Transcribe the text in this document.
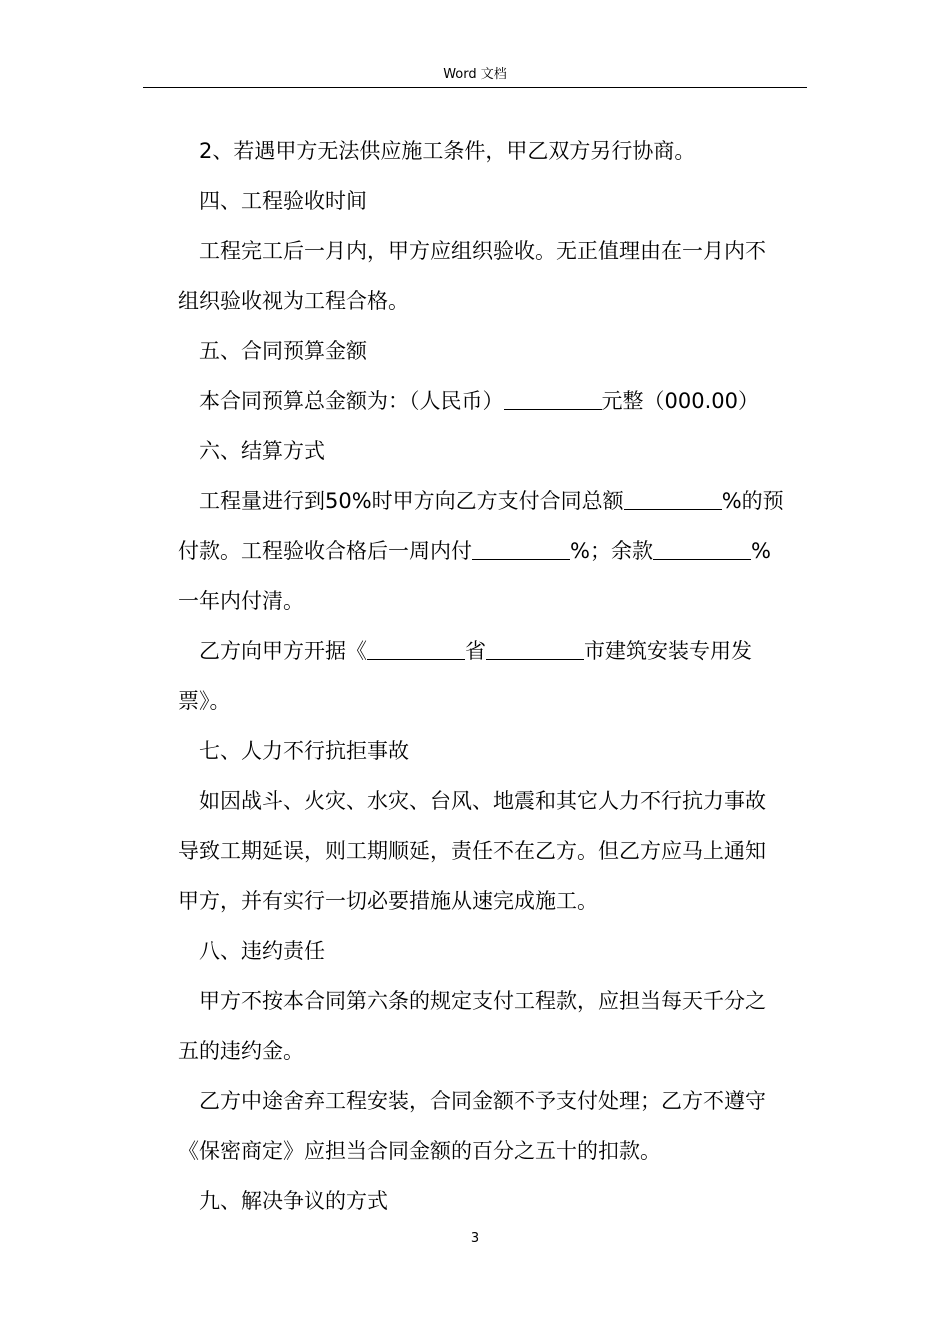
Word 文档

2、若遇甲方无法供应施工条件，甲乙双方另行协商。

四、工程验收时间

工程完工后一月内，甲方应组织验收。无正值理由在一月内不

组织验收视为工程合格。

五、合同预算金额

本合同预算总金额为：（人民币）	元整（000.00）

六、结算方式

工程量进行到50%时甲方向乙方支付合同总额	%的预

付款。工程验收合格后一周内付	%；余款	%

一年内付清。

乙方向甲方开据《	省	市建筑安装专用发

票》。

七、人力不行抗拒事故

如因战斗、火灾、水灾、台风、地震和其它人力不行抗力事故

导致工期延误，则工期顺延，责任不在乙方。但乙方应马上通知

甲方，并有实行一切必要措施从速完成施工。

八、违约责任

甲方不按本合同第六条的规定支付工程款，应担当每天千分之

五的违约金。

乙方中途舍弃工程安装，合同金额不予支付处理；乙方不遵守

《保密商定》应担当合同金额的百分之五十的扣款。

九、解决争议的方式

3
